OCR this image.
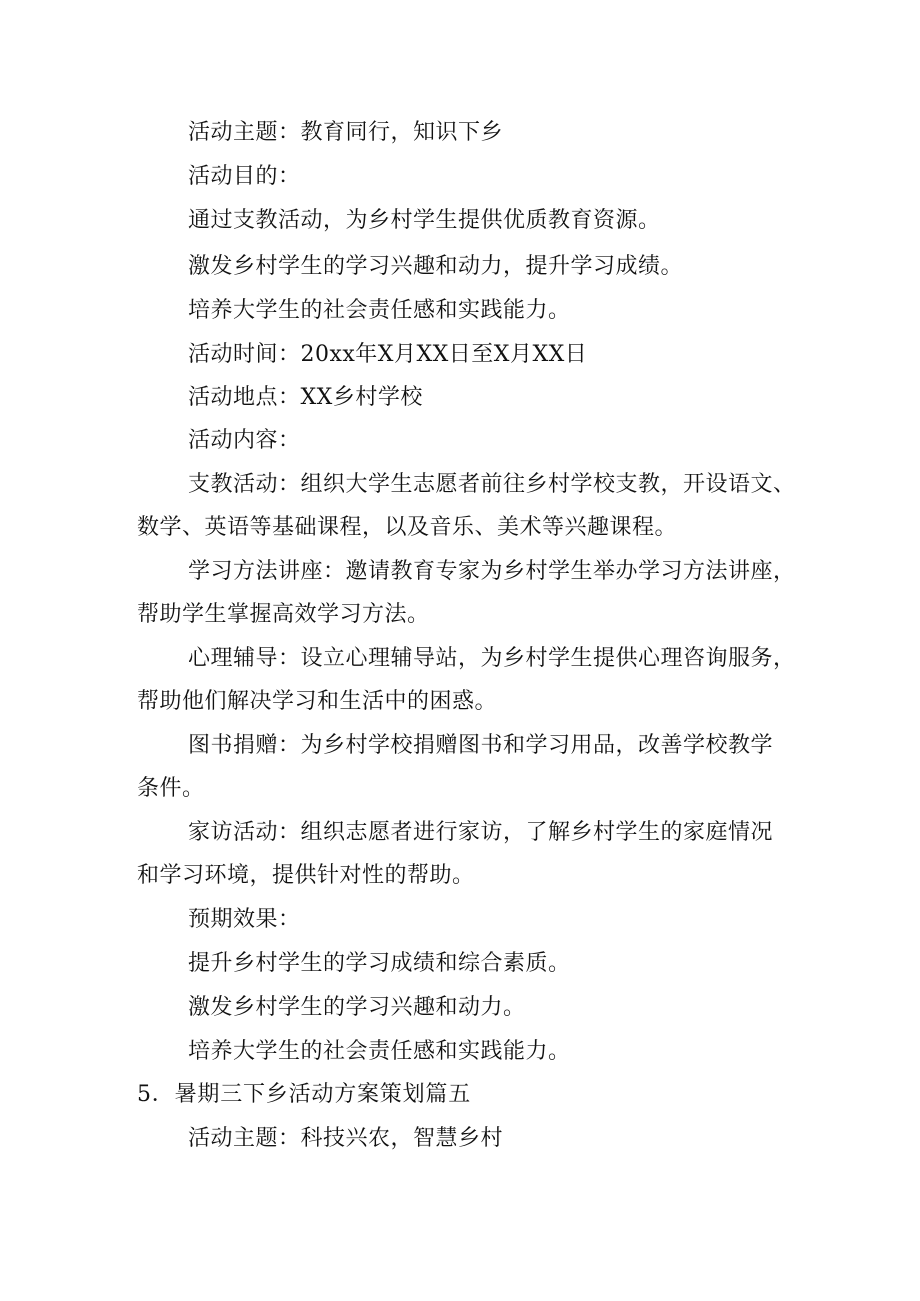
活动主题：教育同行，知识下乡
活动目的：
通过支教活动，为乡村学生提供优质教育资源。
激发乡村学生的学习兴趣和动力，提升学习成绩。
培养大学生的社会责任感和实践能力。
活动时间：20xx年X月XX日至X月XX日
活动地点：XX乡村学校
活动内容：
支教活动：组织大学生志愿者前往乡村学校支教，开设语文、
数学、英语等基础课程，以及音乐、美术等兴趣课程。
学习方法讲座：邀请教育专家为乡村学生举办学习方法讲座，
帮助学生掌握高效学习方法。
心理辅导：设立心理辅导站，为乡村学生提供心理咨询服务，
帮助他们解决学习和生活中的困惑。
图书捐赠：为乡村学校捐赠图书和学习用品，改善学校教学
条件。
家访活动：组织志愿者进行家访，了解乡村学生的家庭情况
和学习环境，提供针对性的帮助。
预期效果：
提升乡村学生的学习成绩和综合素质。
激发乡村学生的学习兴趣和动力。
培养大学生的社会责任感和实践能力。
5．暑期三下乡活动方案策划篇五
活动主题：科技兴农，智慧乡村
